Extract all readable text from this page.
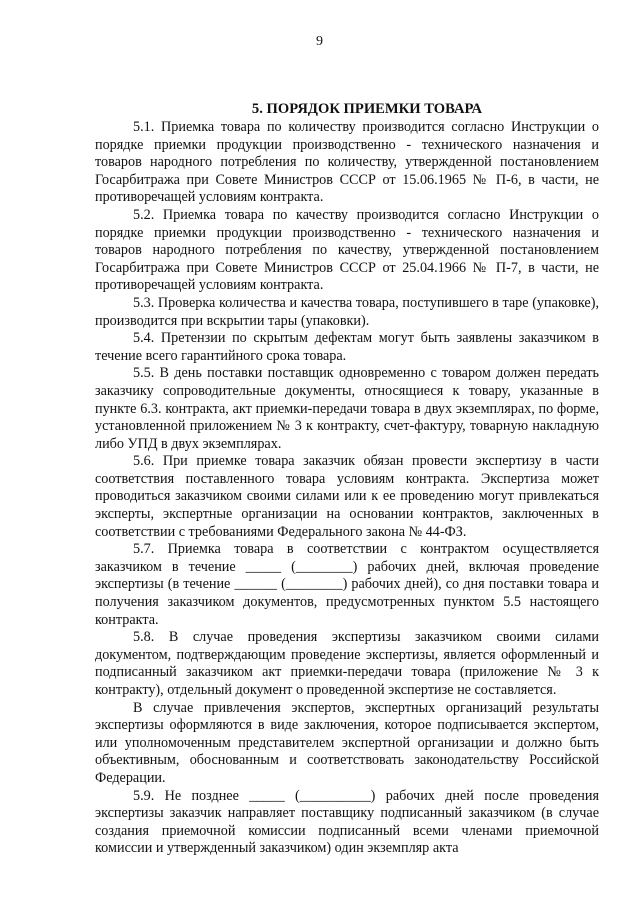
9
5. ПОРЯДОК ПРИЕМКИ ТОВАРА

5.1. Приемка товара по количеству производится согласно Инструкции о порядке приемки продукции производственно - технического назначения и товаров народного потребления по количеству, утвержденной постановлением Госарбитража при Совете Министров СССР от 15.06.1965 № П-6, в части, не противоречащей условиям контракта.

5.2. Приемка товара по качеству производится согласно Инструкции о порядке приемки продукции производственно - технического назначения и товаров народного потребления по качеству, утвержденной постановлением Госарбитража при Совете Министров СССР от 25.04.1966 № П-7, в части, не противоречащей условиям контракта.

5.3. Проверка количества и качества товара, поступившего в таре (упаковке), производится при вскрытии тары (упаковки).

5.4. Претензии по скрытым дефектам могут быть заявлены заказчиком в течение всего гарантийного срока товара.

5.5. В день поставки поставщик одновременно с товаром должен передать заказчику сопроводительные документы, относящиеся к товару, указанные в пункте 6.3. контракта, акт приемки-передачи товара в двух экземплярах, по форме, установленной приложением № 3 к контракту, счет-фактуру, товарную накладную либо УПД в двух экземплярах.

5.6. При приемке товара заказчик обязан провести экспертизу в части соответствия поставленного товара условиям контракта. Экспертиза может проводиться заказчиком своими силами или к ее проведению могут привлекаться эксперты, экспертные организации на основании контрактов, заключенных в соответствии с требованиями Федерального закона № 44-ФЗ.

5.7. Приемка товара в соответствии с контрактом осуществляется заказчиком в течение _____ (________) рабочих дней, включая проведение экспертизы (в течение ______ (________) рабочих дней), со дня поставки товара и получения заказчиком документов, предусмотренных пунктом 5.5 настоящего контракта.

5.8. В случае проведения экспертизы заказчиком своими силами документом, подтверждающим проведение экспертизы, является оформленный и подписанный заказчиком акт приемки-передачи товара (приложение № 3 к контракту), отдельный документ о проведенной экспертизе не составляется.

В случае привлечения экспертов, экспертных организаций результаты экспертизы оформляются в виде заключения, которое подписывается экспертом, или уполномоченным представителем экспертной организации и должно быть объективным, обоснованным и соответствовать законодательству Российской Федерации.

5.9. Не позднее _____ (__________) рабочих дней после проведения экспертизы заказчик направляет поставщику подписанный заказчиком (в случае создания приемочной комиссии подписанный всеми членами приемочной комиссии и утвержденный заказчиком) один экземпляр акта
